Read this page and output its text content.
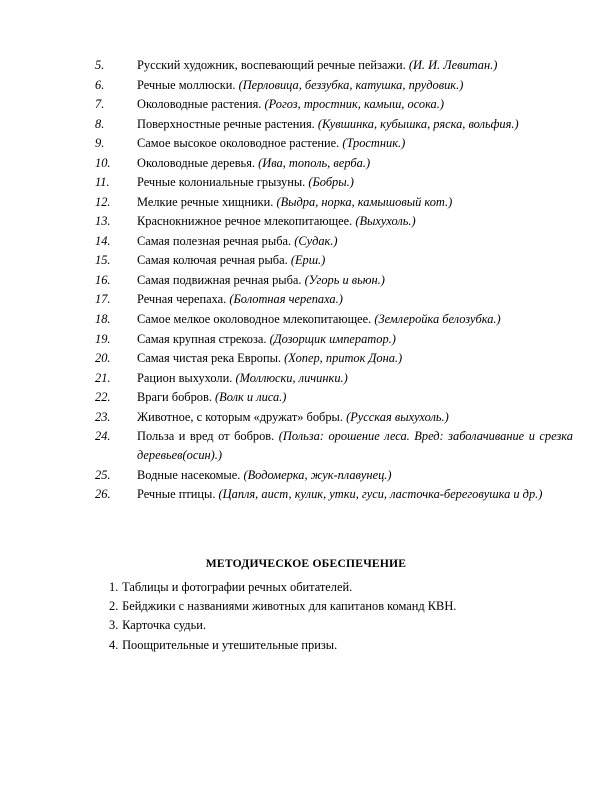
5.	Русский художник, воспевающий речные пейзажи. (И. И. Левитан.)
6.	Речные моллюски. (Перловица, беззубка, катушка, прудовик.)
7.	Околоводные растения. (Рогоз, тростник, камыш, осока.)
8.	Поверхностные речные растения. (Кувшинка, кубышка, ряска, вольфия.)
9.	Самое высокое околоводное растение. (Тростник.)
10.	Околоводные деревья. (Ива, тополь, верба.)
11.	Речные колониальные грызуны. (Бобры.)
12.	Мелкие речные хищники. (Выдра, норка, камышовый кот.)
13.	Краснокнижное речное млекопитающее. (Выхухоль.)
14.	Самая полезная речная рыба. (Судак.)
15.	Самая колючая речная рыба. (Ерш.)
16.	Самая подвижная речная рыба. (Угорь и вьюн.)
17.	Речная черепаха. (Болотная черепаха.)
18.	Самое мелкое околоводное млекопитающее. (Землеройка белозубка.)
19.	Самая крупная стрекоза. (Дозорщик император.)
20.	Самая чистая река Европы. (Хопер, приток Дона.)
21.	Рацион выхухоли. (Моллюски, личинки.)
22.	Враги бобров. (Волк и лиса.)
23.	Животное, с которым «дружат» бобры. (Русская выхухоль.)
24.	Польза и вред от бобров. (Польза: орошение леса. Вред: заболачивание и срезка деревьев(осин).)
25.	Водные насекомые. (Водомерка, жук-плавунец.)
26.	Речные птицы. (Цапля, аист, кулик, утки, гуси, ласточка-береговушка и др.)
МЕТОДИЧЕСКОЕ ОБЕСПЕЧЕНИЕ
1. Таблицы и фотографии речных обитателей.
2. Бейджики с названиями животных для капитанов команд КВН.
3. Карточка судьи.
4. Поощрительные и утешительные призы.
